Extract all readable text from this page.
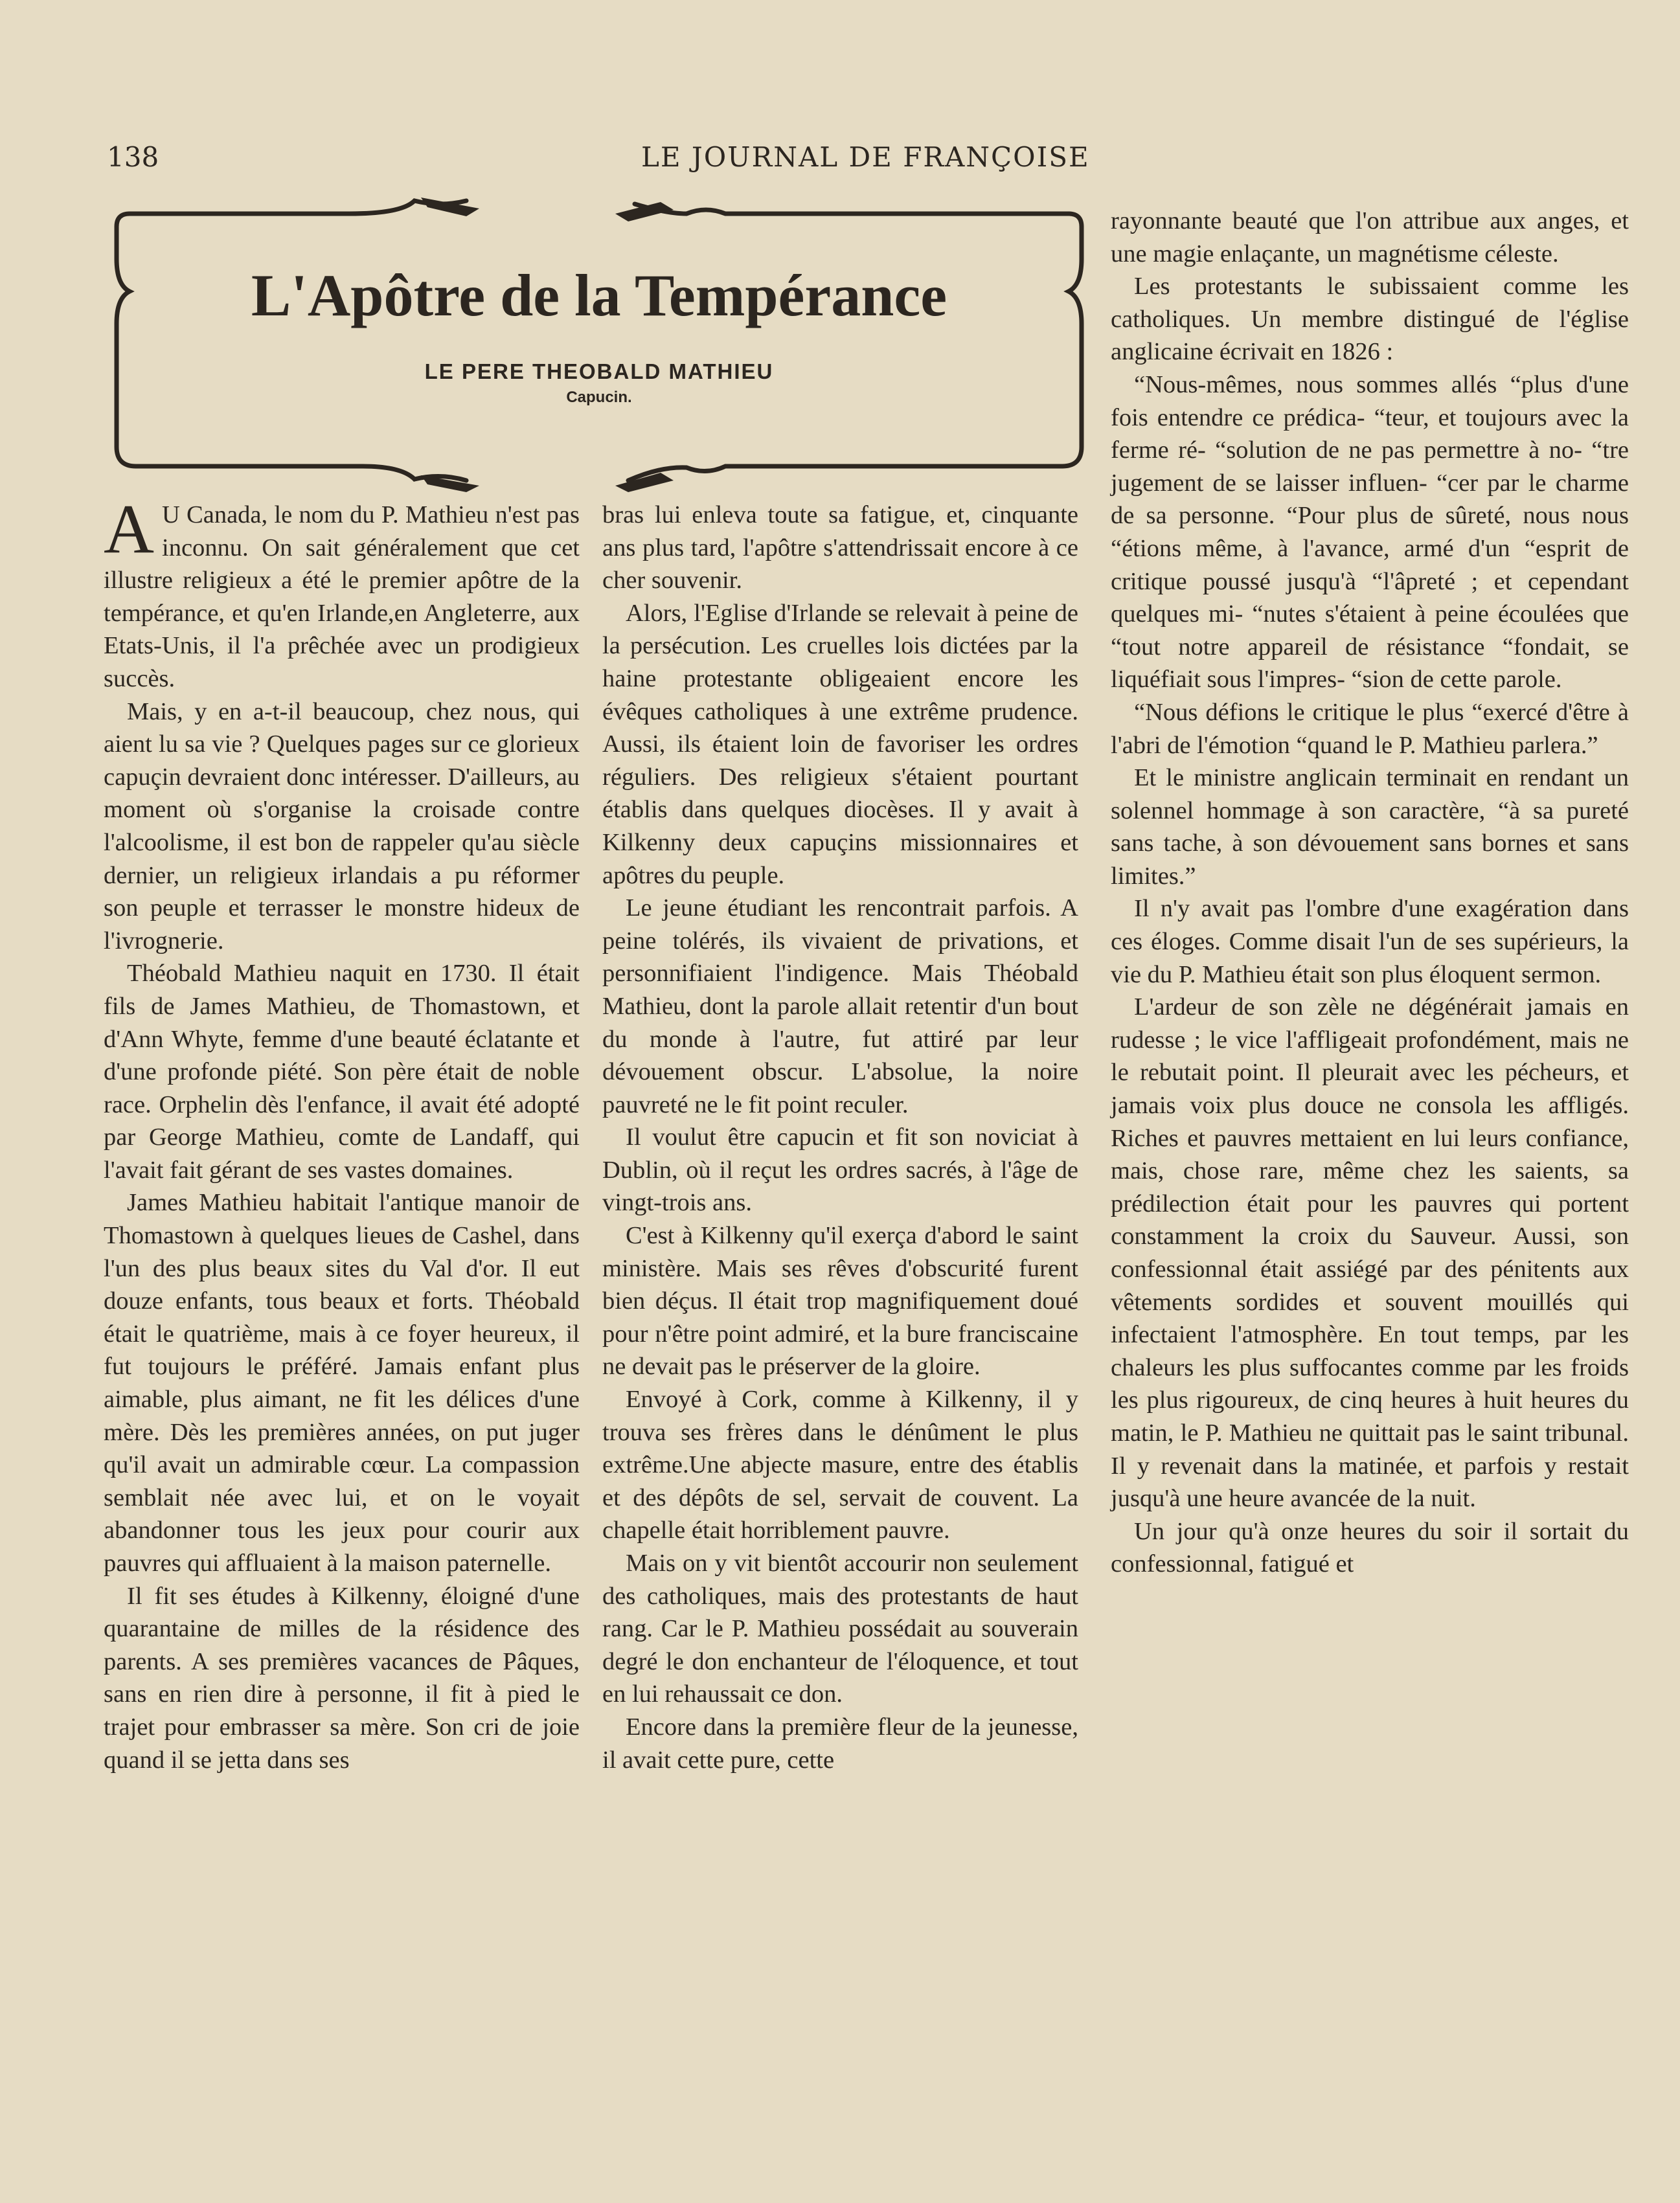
138	LE JOURNAL DE FRANÇOISE
L'Apôtre de la Tempérance
LE PERE THEOBALD MATHIEU
Capucin.
A U Canada, le nom du P. Mathieu n'est pas inconnu. On sait généralement que cet illustre religieux a été le premier apôtre de la tempérance, et qu'en Irlande,en Angleterre, aux Etats-Unis, il l'a prêchée avec un prodigieux succès.

Mais, y en a-t-il beaucoup, chez nous, qui aient lu sa vie ? Quelques pages sur ce glorieux capuçin devraient donc intéresser. D'ailleurs, au moment où s'organise la croisade contre l'alcoolisme, il est bon de rappeler qu'au siècle dernier, un religieux irlandais a pu réformer son peuple et terrasser le monstre hideux de l'ivrognerie.

Théobald Mathieu naquit en 1730. Il était fils de James Mathieu, de Thomastown, et d'Ann Whyte, femme d'une beauté éclatante et d'une profonde piété. Son père était de noble race. Orphelin dès l'enfance, il avait été adopté par George Mathieu, comte de Landaff, qui l'avait fait gérant de ses vastes domaines.

James Mathieu habitait l'antique manoir de Thomastown à quelques lieues de Cashel, dans l'un des plus beaux sites du Val d'or. Il eut douze enfants, tous beaux et forts. Théobald était le quatrième, mais à ce foyer heureux, il fut toujours le préféré. Jamais enfant plus aimable, plus aimant, ne fit les délices d'une mère. Dès les premières années, on put juger qu'il avait un admirable cœur. La compassion semblait née avec lui, et on le voyait abandonner tous les jeux pour courir aux pauvres qui affluaient à la maison paternelle.

Il fit ses études à Kilkenny, éloigné d'une quarantaine de milles de la résidence des parents. A ses premières vacances de Pâques, sans en rien dire à personne, il fit à pied le trajet pour embrasser sa mère. Son cri de joie quand il se jetta dans ses

bras lui enleva toute sa fatigue, et, cinquante ans plus tard, l'apôtre s'attendrissait encore à ce cher souvenir.

Alors, l'Eglise d'Irlande se relevait à peine de la persécution. Les cruelles lois dictées par la haine protestante obligeaient encore les évêques catholiques à une extrême prudence. Aussi, ils étaient loin de favoriser les ordres réguliers. Des religieux s'étaient pourtant établis dans quelques diocèses. Il y avait à Kilkenny deux capuçins missionnaires et apôtres du peuple.

Le jeune étudiant les rencontrait parfois. A peine tolérés, ils vivaient de privations, et personnifiaient l'indigence. Mais Théobald Mathieu, dont la parole allait retentir d'un bout du monde à l'autre, fut attiré par leur dévouement obscur. L'absolue, la noire pauvreté ne le fit point reculer.

Il voulut être capucin et fit son noviciat à Dublin, où il reçut les ordres sacrés, à l'âge de vingt-trois ans.

C'est à Kilkenny qu'il exerça d'abord le saint ministère. Mais ses rêves d'obscurité furent bien déçus. Il était trop magnifiquement doué pour n'être point admiré, et la bure franciscaine ne devait pas le préserver de la gloire.

Envoyé à Cork, comme à Kilkenny, il y trouva ses frères dans le dénûment le plus extrême.Une abjecte masure, entre des établis et des dépôts de sel, servait de couvent. La chapelle était horriblement pauvre.

Mais on y vit bientôt accourir non seulement des catholiques, mais des protestants de haut rang. Car le P. Mathieu possédait au souverain degré le don enchanteur de l'éloquence, et tout en lui rehaussait ce don.

Encore dans la première fleur de la jeunesse, il avait cette pure, cette

rayonnante beauté que l'on attribue aux anges, et une magie enlaçante, un magnétisme céleste.

Les protestants le subissaient comme les catholiques. Un membre distingué de l'église anglicaine écrivait en 1826 :

“Nous-mêmes, nous sommes allés “plus d'une fois entendre ce prédica- “teur, et toujours avec la ferme ré- “solution de ne pas permettre à no- “tre jugement de se laisser influen- “cer par le charme de sa personne. “Pour plus de sûreté, nous nous “étions même, à l'avance, armé d'un “esprit de critique poussé jusqu'à “l'âpreté ; et cependant quelques mi- “nutes s'étaient à peine écoulées que “tout notre appareil de résistance “fondait, se liquéfiait sous l'impres- “sion de cette parole.

“Nous défions le critique le plus “exercé d'être à l'abri de l'émotion “quand le P. Mathieu parlera.”

Et le ministre anglicain terminait en rendant un solennel hommage à son caractère, “à sa pureté sans tache, à son dévouement sans bornes et sans limites.”

Il n'y avait pas l'ombre d'une exagération dans ces éloges. Comme disait l'un de ses supérieurs, la vie du P. Mathieu était son plus éloquent sermon.

L'ardeur de son zèle ne dégénérait jamais en rudesse ; le vice l'affligeait profondément, mais ne le rebutait point. Il pleurait avec les pécheurs, et jamais voix plus douce ne consola les affligés. Riches et pauvres mettaient en lui leurs confiance, mais, chose rare, même chez les saients, sa prédilection était pour les pauvres qui portent constamment la croix du Sauveur. Aussi, son confessionnal était assiégé par des pénitents aux vêtements sordides et souvent mouillés qui infectaient l'atmosphère. En tout temps, par les chaleurs les plus suffocantes comme par les froids les plus rigoureux, de cinq heures à huit heures du matin, le P. Mathieu ne quittait pas le saint tribunal. Il y revenait dans la matinée, et parfois y restait jusqu'à une heure avancée de la nuit.

Un jour qu'à onze heures du soir il sortait du confessionnal, fatigué et
